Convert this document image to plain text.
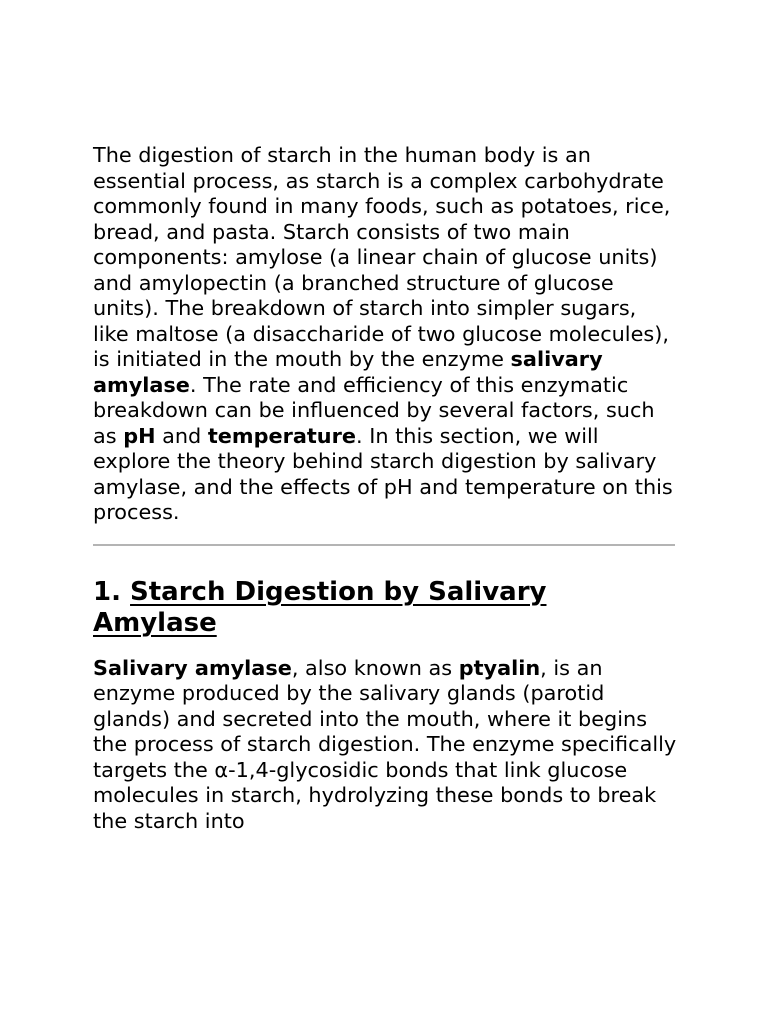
The digestion of starch in the human body is an essential process, as starch is a complex carbohydrate commonly found in many foods, such as potatoes, rice, bread, and pasta. Starch consists of two main components: amylose (a linear chain of glucose units) and amylopectin (a branched structure of glucose units). The breakdown of starch into simpler sugars, like maltose (a disaccharide of two glucose molecules), is initiated in the mouth by the enzyme salivary amylase. The rate and efficiency of this enzymatic breakdown can be influenced by several factors, such as pH and temperature. In this section, we will explore the theory behind starch digestion by salivary amylase, and the effects of pH and temperature on this process.

1. Starch Digestion by Salivary Amylase

Salivary amylase, also known as ptyalin, is an enzyme produced by the salivary glands (parotid glands) and secreted into the mouth, where it begins the process of starch digestion. The enzyme specifically targets the α-1,4-glycosidic bonds that link glucose molecules in starch, hydrolyzing these bonds to break the starch into
